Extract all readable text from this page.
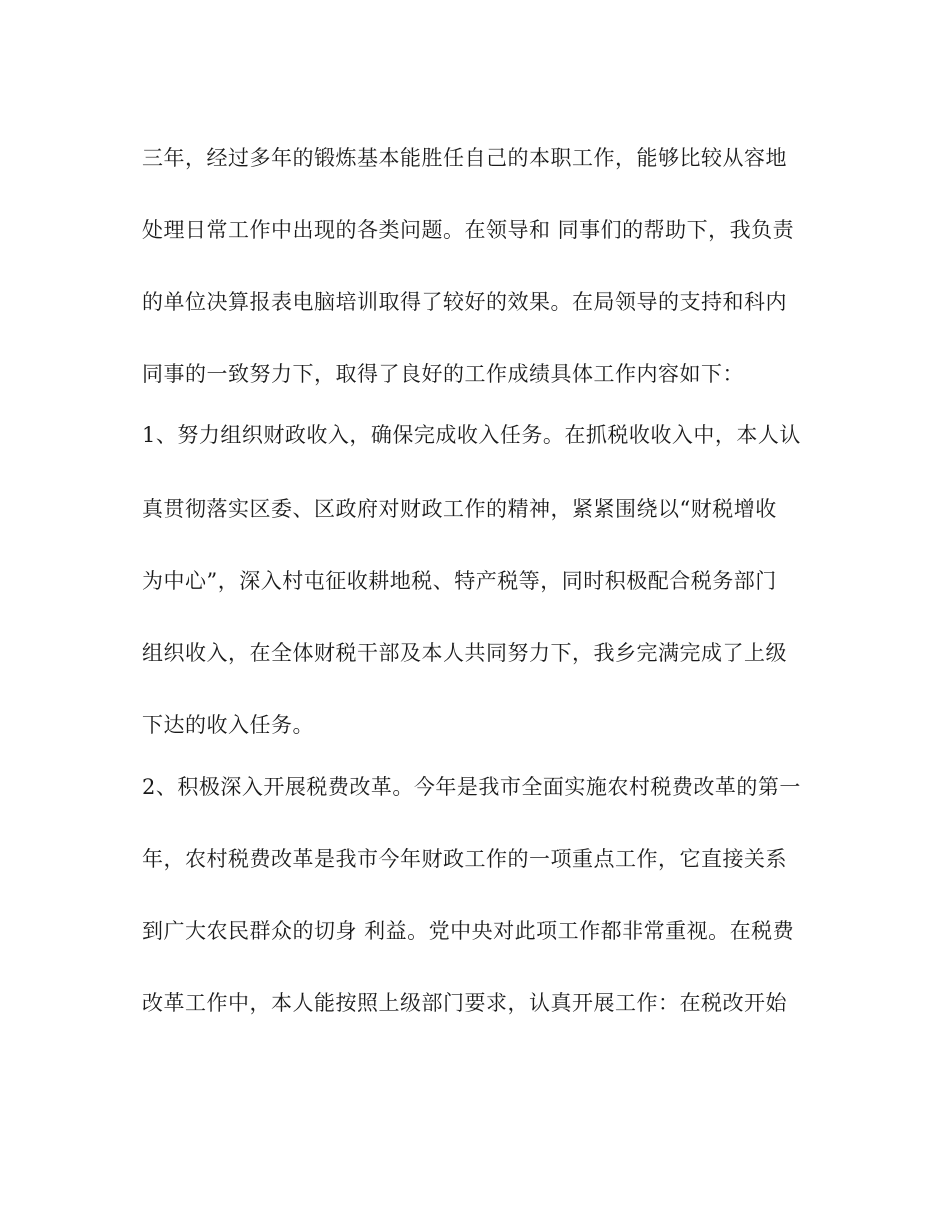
三年，经过多年的锻炼基本能胜任自己的本职工作，能够比较从容地
处理日常工作中出现的各类问题。在领导和 同事们的帮助下，我负责
的单位决算报表电脑培训取得了较好的效果。在局领导的支持和科内
同事的一致努力下，取得了良好的工作成绩具体工作内容如下：
1、努力组织财政收入，确保完成收入任务。在抓税收收入中，本人认
真贯彻落实区委、区政府对财政工作的精神，紧紧围绕以“财税增收
为中心”，深入村屯征收耕地税、特产税等，同时积极配合税务部门
组织收入，在全体财税干部及本人共同努力下，我乡完满完成了上级
下达的收入任务。
2、积极深入开展税费改革。今年是我市全面实施农村税费改革的第一
年，农村税费改革是我市今年财政工作的一项重点工作，它直接关系
到广大农民群众的切身 利益。党中央对此项工作都非常重视。在税费
改革工作中，本人能按照上级部门要求，认真开展工作：在税改开始
